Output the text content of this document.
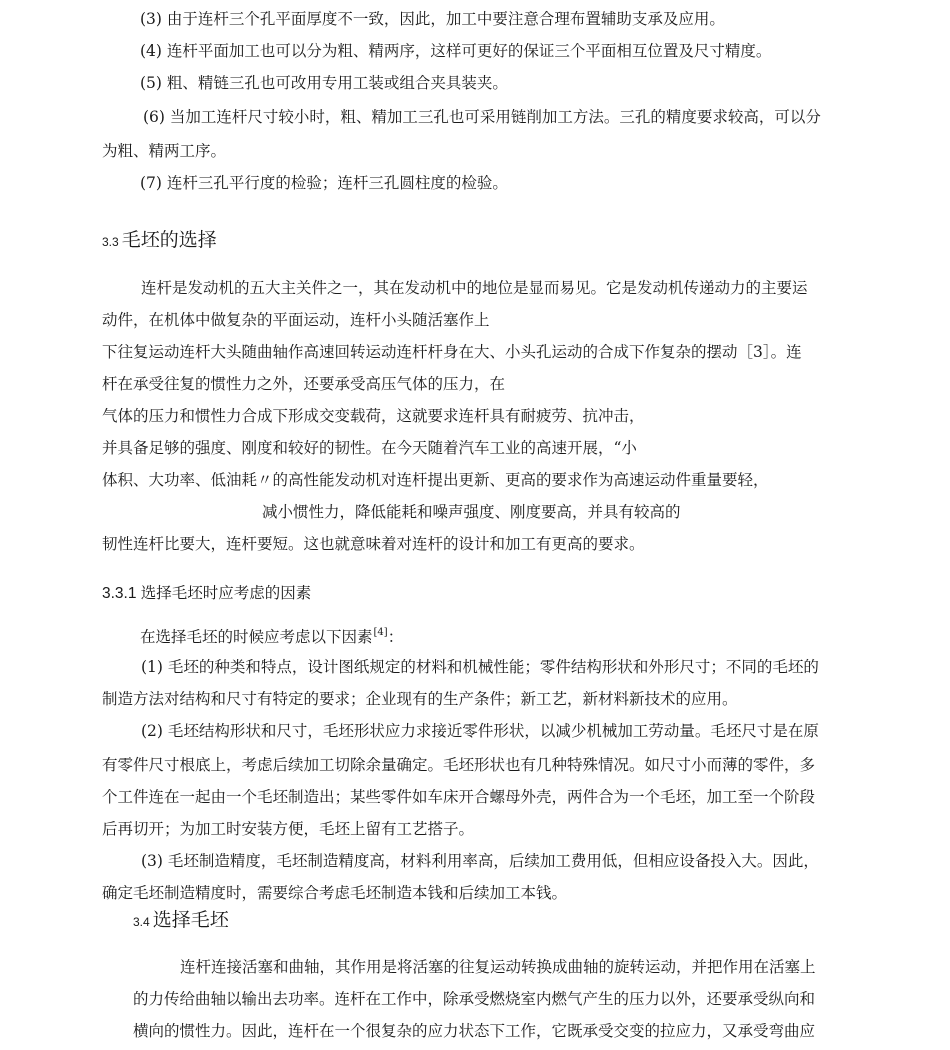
(3) 由于连杆三个孔平面厚度不一致，因此，加工中要注意合理布置辅助支承及应用。
(4) 连杆平面加工也可以分为粗、精两序，这样可更好的保证三个平面相互位置及尺寸精度。
(5) 粗、精链三孔也可改用专用工装或组合夹具装夹。
(6) 当加工连杆尺寸较小时，粗、精加工三孔也可采用链削加工方法。三孔的精度要求较高，可以分
为粗、精两工序。
(7) 连杆三孔平行度的检验；连杆三孔圆柱度的检验。
3.3 毛坯的选择
连杆是发动机的五大主关件之一，其在发动机中的地位是显而易见。它是发动机传递动力的主要运
动件，在机体中做复杂的平面运动，连杆小头随活塞作上
下往复运动连杆大头随曲轴作高速回转运动连杆杆身在大、小头孔运动的合成下作复杂的摆动［3］。连
杆在承受往复的惯性力之外，还要承受高压气体的压力，在
气体的压力和惯性力合成下形成交变载荷，这就要求连杆具有耐疲劳、抗冲击，
并具备足够的强度、刚度和较好的韧性。在今天随着汽车工业的高速开展，“小
体积、大功率、低油耗〃的高性能发动机对连杆提出更新、更高的要求作为高速运动件重量要轻，
减小惯性力，降低能耗和噪声强度、刚度要高，并具有较高的
韧性连杆比要大，连杆要短。这也就意味着对连杆的设计和加工有更高的要求。
3.3.1 选择毛坯时应考虑的因素
在选择毛坯的时候应考虑以下因素[4]：
(1) 毛坯的种类和特点，设计图纸规定的材料和机械性能；零件结构形状和外形尺寸；不同的毛坯的
制造方法对结构和尺寸有特定的要求；企业现有的生产条件；新工艺，新材料新技术的应用。
(2) 毛坯结构形状和尺寸，毛坯形状应力求接近零件形状，以减少机械加工劳动量。毛坯尺寸是在原
有零件尺寸根底上，考虑后续加工切除余量确定。毛坯形状也有几种特殊情况。如尺寸小而薄的零件，多
个工件连在一起由一个毛坯制造出；某些零件如车床开合螺母外壳，两件合为一个毛坯，加工至一个阶段
后再切开；为加工时安装方便，毛坯上留有工艺搭子。
(3) 毛坯制造精度，毛坯制造精度高，材料利用率高，后续加工费用低，但相应设备投入大。因此，
确定毛坯制造精度时，需要综合考虑毛坯制造本钱和后续加工本钱。
3.4 选择毛坯
连杆连接活塞和曲轴，其作用是将活塞的往复运动转换成曲轴的旋转运动，并把作用在活塞上
的力传给曲轴以输出去功率。连杆在工作中，除承受燃烧室内燃气产生的压力以外，还要承受纵向和
横向的惯性力。因此，连杆在一个很复杂的应力状态下工作，它既承受交变的拉应力，又承受弯曲应
